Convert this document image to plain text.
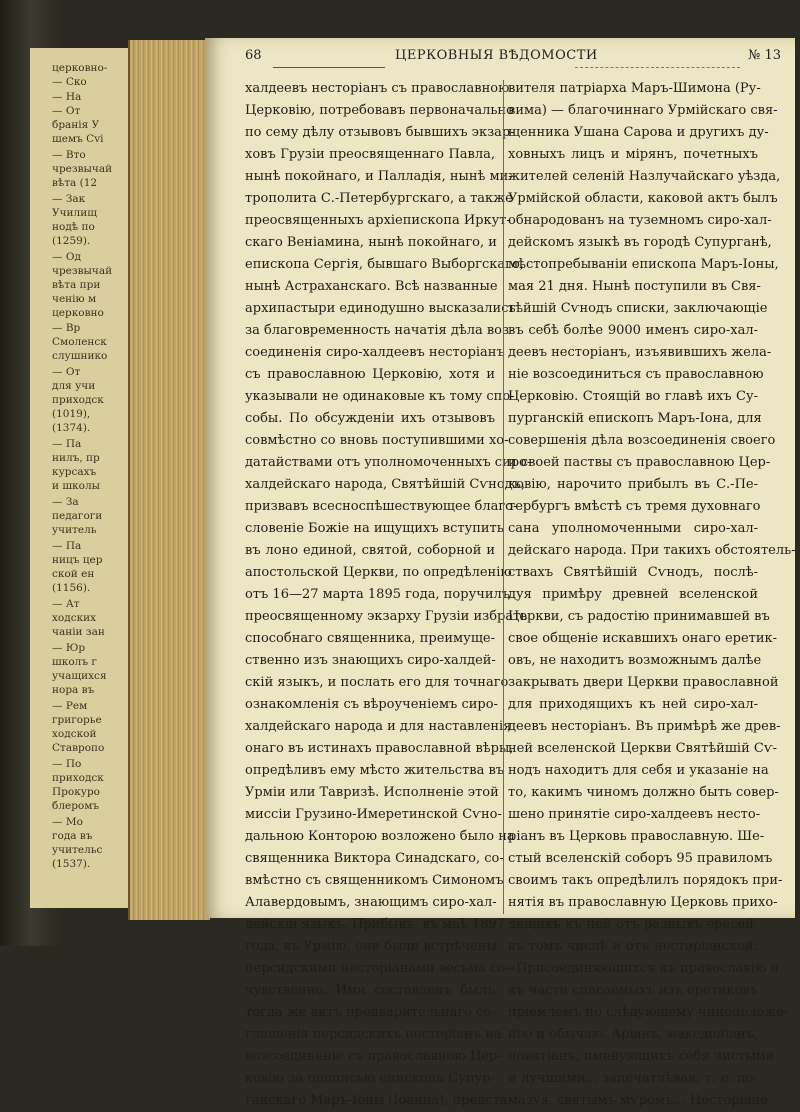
церковно-
— Ско
— На
— От
бранія У
шемъ Сvi
— Вто
чрезвычай
вѣта (12
— Зак
Училищ
нодѣ по
(1259).
— Од
чрезвычай
вѣта при
ченію м
церковно
— Вр
Смоленск
слушнико
— От
для учи
приходск
(1019),
(1374).
— Па
нилъ, пр
курсахъ
и школы
— За
педагоги
учитель
— Па
ницъ цер
ской ен
(1156).
— Ат
ходских
чаніи зан
— Юр
школъ г
учащихся
нора въ
— Рем
григорье
ходской
Ставропо
— По
приходск
Прокуро
блеромъ
— Мо
года въ
учительс
(1537).
68	ЦЕРКОВНЫЯ ВѢДОМОСТИ	№ 13
халдеевъ несторіанъ съ православною
Церковію, потребовавъ первоначально
по сему дѣлу отзывовъ бывшихъ экзар-
ховъ Грузіи преосвященнаго Павла,
нынѣ покойнаго, и Палладія, нынѣ ми-
трополита С.-Петербургскаго, а также
преосвященныхъ архіепископа Иркут-
скаго Веніамина, нынѣ покойнаго, и
епископа Сергія, бывшаго Выборгскаго,
нынѣ Астраханскаго. Всѣ названные
архипастыри единодушно высказались
за благовременность начатія дѣла воз-
соединенія сиро-халдеевъ несторіанъ
съ православною Церковію, хотя и
указывали не одинаковые къ тому спо-
собы. По обсужденіи ихъ отзывовъ
совмѣстно со вновь поступившими хо-
датайствами отъ уполномоченныхъ сиро-
халдейскаго народа, Святѣйшій Сѵнодъ,
призвавъ всесноспѣшествующее благо-
словеніе Божіе на ищущихъ вступить
въ лоно единой, святой, соборной и
апостольской Церкви, по опредѣленію
отъ 16—27 марта 1895 года, поручилъ
преосвященному экзарху Грузіи избрать
способнаго священника, преимуще-
ственно изъ знающихъ сиро-халдей-
скій языкъ, и послать его для точнаго
ознакомленія съ вѣроученіемъ сиро-
халдейскаго народа и для наставленія
онаго въ истинахъ православной вѣры,
опредѣливъ ему мѣсто жительства въ
Урміи или Тавризѣ. Исполненіе этой
миссіи Грузино-Имеретинской Сѵно-
дальною Конторою возложено было на
священника Виктора Синадскаго, со-
вмѣстно съ священникомъ Симономъ
Алавердовымъ, знающимъ сиро-хал-
дейскій языкъ. Прибывъ, въ маѣ 1897
года, въ Урмію, они были встрѣчены
персидскими несторіанами весьма со-
чувственно. Ими составленъ былъ
тогда же актъ предварительнаго со-
глашенія персидскихъ несторіанъ на
возсоединеніе съ православною Цер-
ковію за подписью епископа Супур-
ганскаго Маръ-Іоны (Іоанна), предста-
вителя патріарха Маръ-Шимона (Ру-
вима) — благочиннаго Урмійскаго свя-
щенника Ушана Сарова и другихъ ду-
ховныхъ лицъ и мірянъ, почетныхъ
жителей селеній Назлучайскаго уѣзда,
Урмійской области, каковой актъ былъ
обнародованъ на туземномъ сиро-хал-
дейскомъ языкѣ въ городѣ Супурганѣ,
мѣстопребываніи епископа Маръ-Іоны,
мая 21 дня. Нынѣ поступили въ Свя-
тѣйшій Сѵнодъ списки, заключающіе
въ себѣ болѣе 9000 именъ сиро-хал-
деевъ несторіанъ, изъявившихъ жела-
ніе возсоединиться съ православною
Церковію. Стоящій во главѣ ихъ Су-
пурганскій епископъ Маръ-Іона, для
совершенія дѣла возсоединенія своего
и своей паствы съ православною Цер-
ковію, нарочито прибылъ въ С.-Пе-
тербургъ вмѣстѣ съ тремя духовнаго
сана уполномоченными сиро-хал-
дейскаго народа. При такихъ обстоятель-
ствахъ Святѣйшій Сѵнодъ, послѣ-
дуя примѣру древней вселенской
Церкви, съ радостію принимавшей въ
свое общеніе искавшихъ онаго еретик-
овъ, не находитъ возможнымъ далѣе
закрывать двери Церкви православной
для приходящихъ къ ней сиро-хал-
деевъ несторіанъ. Въ примѣрѣ же древ-
ней вселенской Церкви Святѣйшій Сѵ-
нодъ находитъ для себя и указаніе на
то, какимъ чиномъ должно быть совер-
шено принятіе сиро-халдеевъ несто-
ріанъ въ Церковь православную. Ше-
стый вселенскій соборъ 95 правиломъ
своимъ такъ опредѣлилъ порядокъ при-
нятія въ православную Церковь прихо-
дящихъ къ ней отъ разныхъ ересей,
въ томъ числѣ и отъ несторіанской:
«Присоединяющихся къ православію и
къ части спасаемыхъ изъ еретиковъ
пріемлемъ по слѣдующему чиноположе-
нію и обычаю. Аріанъ, македоніанъ,
новатіанъ, именующихъ себя чистыми
и лучшими... запечатлѣвая, т. е. по-
мазуя, святымъ мѵромъ... Несторіане
